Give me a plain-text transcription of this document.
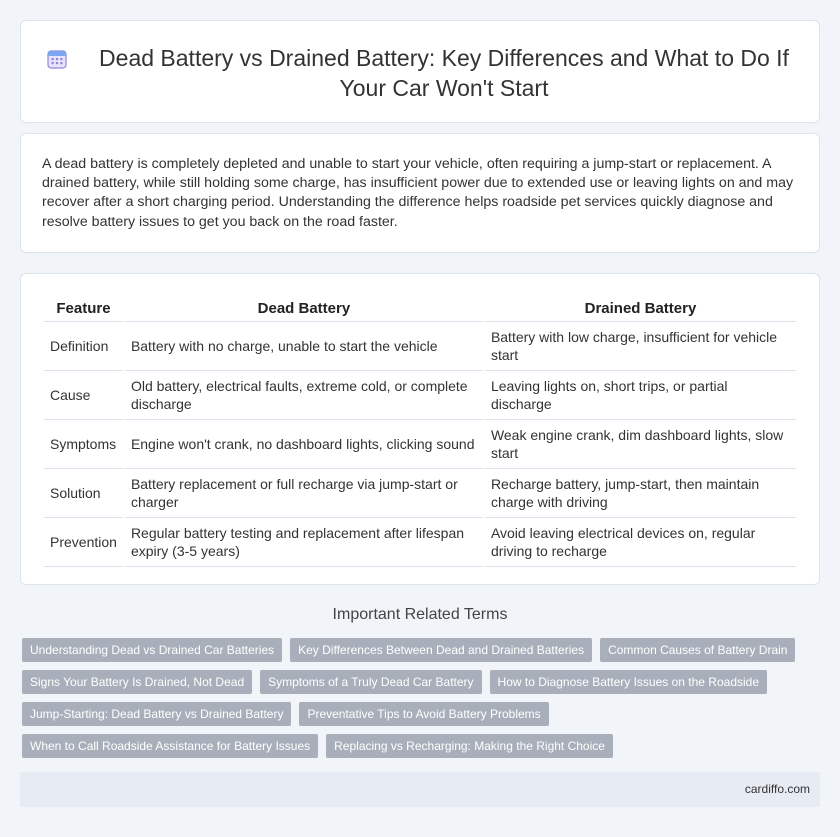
Dead Battery vs Drained Battery: Key Differences and What to Do If Your Car Won't Start

A dead battery is completely depleted and unable to start your vehicle, often requiring a jump-start or replacement. A drained battery, while still holding some charge, has insufficient power due to extended use or leaving lights on and may recover after a short charging period. Understanding the difference helps roadside pet services quickly diagnose and resolve battery issues to get you back on the road faster.

Feature	Dead Battery	Drained Battery
Definition	Battery with no charge, unable to start the vehicle	Battery with low charge, insufficient for vehicle start
Cause	Old battery, electrical faults, extreme cold, or complete discharge	Leaving lights on, short trips, or partial discharge
Symptoms	Engine won't crank, no dashboard lights, clicking sound	Weak engine crank, dim dashboard lights, slow start
Solution	Battery replacement or full recharge via jump-start or charger	Recharge battery, jump-start, then maintain charge with driving
Prevention	Regular battery testing and replacement after lifespan expiry (3-5 years)	Avoid leaving electrical devices on, regular driving to recharge
Important Related Terms
Understanding Dead vs Drained Car Batteries	Key Differences Between Dead and Drained Batteries	Common Causes of Battery Drain
Signs Your Battery Is Drained, Not Dead	Symptoms of a Truly Dead Car Battery	How to Diagnose Battery Issues on the Roadside
Jump-Starting: Dead Battery vs Drained Battery	Preventative Tips to Avoid Battery Problems
When to Call Roadside Assistance for Battery Issues	Replacing vs Recharging: Making the Right Choice
cardiffo.com
